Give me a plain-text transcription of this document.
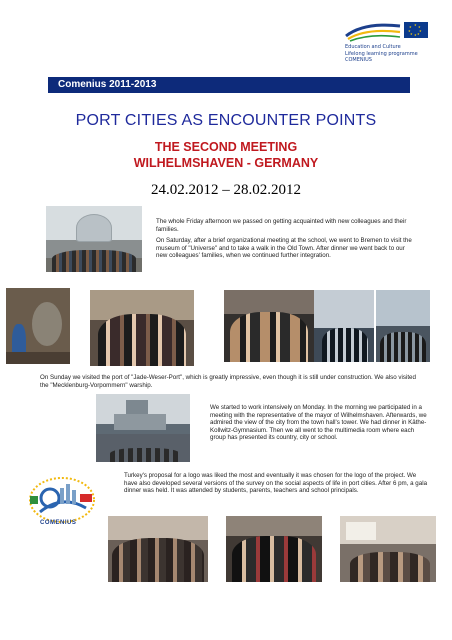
★ ★
★
★
★
★
★
★
Education and Culture
Lifelong learning programme
COMENIUS
Comenius 2011-2013
PORT CITIES AS ENCOUNTER POINTS
THE SECOND MEETING
WILHELMSHAVEN - GERMANY
24.02.2012 – 28.02.2012

The whole Friday afternoon we passed on getting acquainted with new colleagues and their families.

On Saturday, after a brief organizational meeting at the school, we went to Bremen to visit the museum of "Universe" and to take a walk in the Old Town. After dinner we went back to our new colleagues' families, when we continued further integration.

On Sunday we visited the port of "Jade-Weser-Port", which is greatly impressive, even though it is still under construction. We also visited the "Mecklenburg-Vorpommern" warship.

We started to work intensively on Monday. In the morning we participated in a meeting with the representative of the mayor of Wilhelmshaven. Afterwards, we admired the view of the city from the town hall's tower. We had dinner in Käthe-Kollwitz-Gymnasium. Then we all went to the multimedia room where each group has presented its country, city or school.

COMENIUS

Turkey's proposal for a logo was liked the most and eventually it was chosen for the logo of the project. We have also developed several versions of the survey on the social aspects of life in port cities. After 6 pm, a gala dinner was held. It was attended by students, parents, teachers and school principals.
